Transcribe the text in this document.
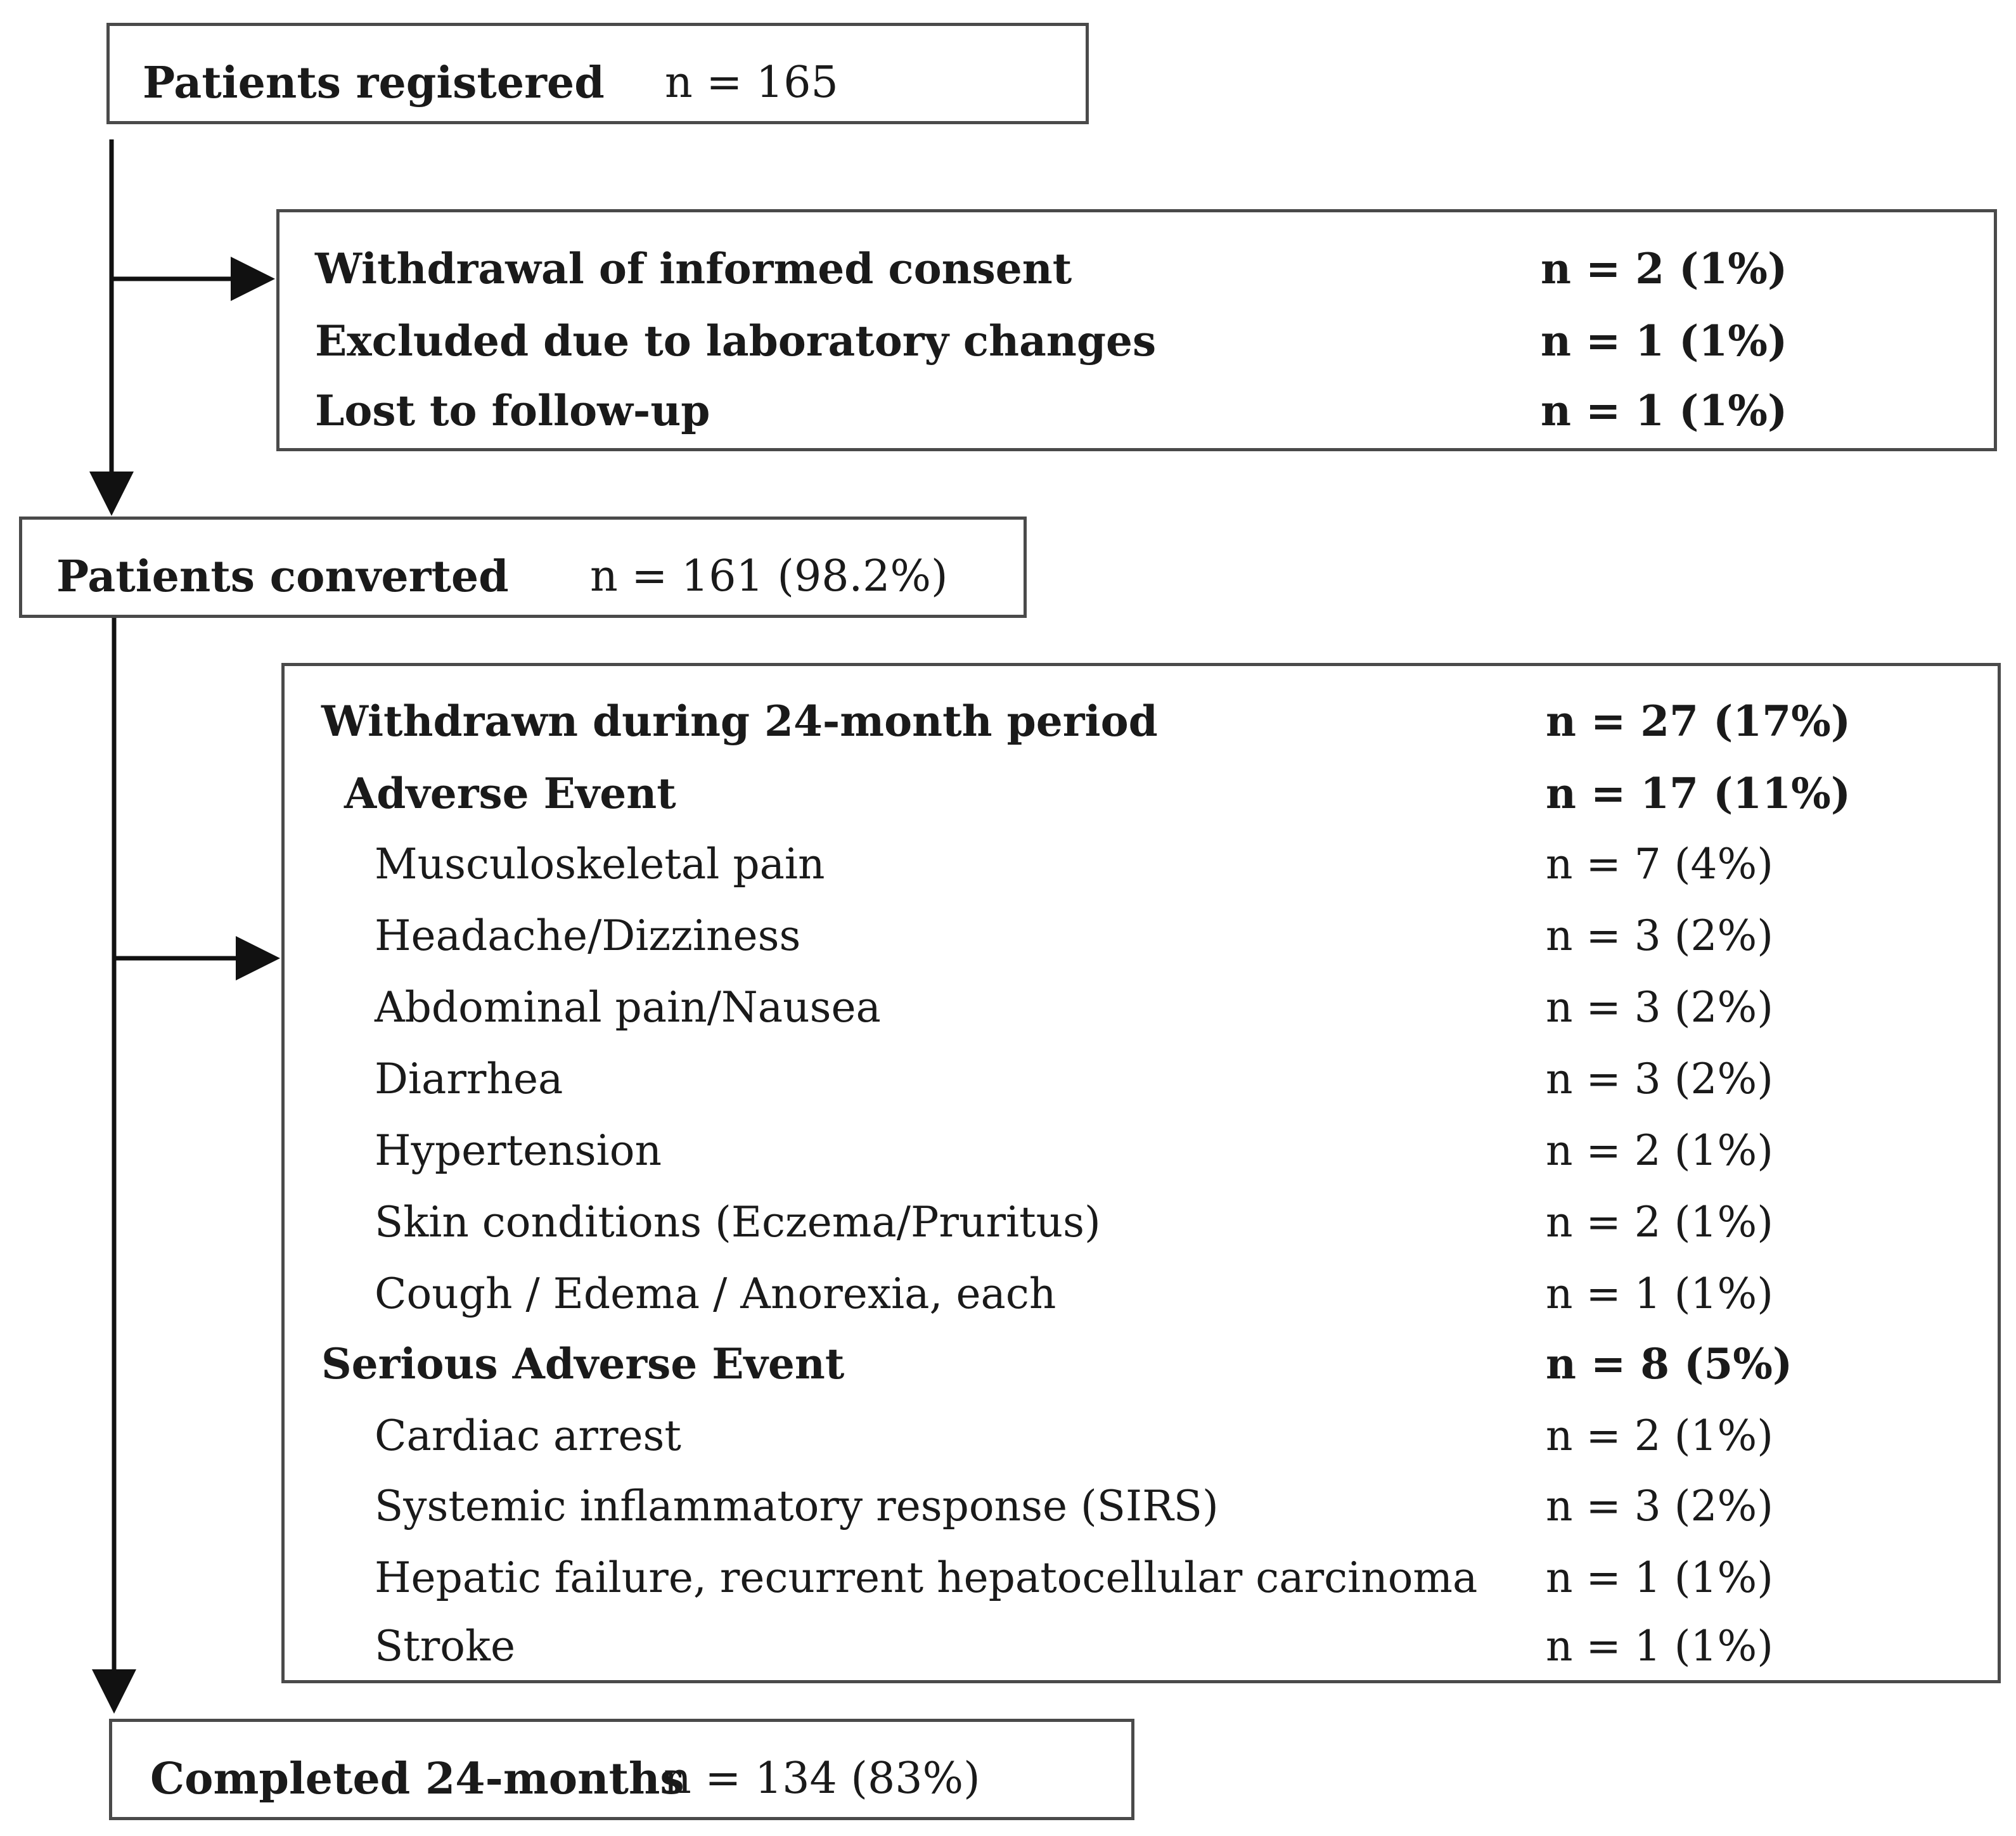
Patients registered n = 165
Withdrawal of informed consent	n = 2 (1%)
Excluded due to laboratory changes	n = 1 (1%)
Lost to follow-up	n = 1 (1%)
Patients converted n = 161 (98.2%)
Withdrawn during 24-month period	n = 27 (17%)
Adverse Event	n = 17 (11%)
Musculoskeletal pain	n = 7 (4%)
Headache/Dizziness	n = 3 (2%)
Abdominal pain/Nausea	n = 3 (2%)
Diarrhea	n = 3 (2%)
Hypertension	n = 2 (1%)
Skin conditions (Eczema/Pruritus)	n = 2 (1%)
Cough / Edema / Anorexia, each	n = 1 (1%)
Serious Adverse Event	n = 8 (5%)
Cardiac arrest	n = 2 (1%)
Systemic inflammatory response (SIRS)	n = 3 (2%)
Hepatic failure, recurrent hepatocellular carcinoma n = 1 (1%)
Stroke	n = 1 (1%)
Completed 24-months
n = 134 (83%)
